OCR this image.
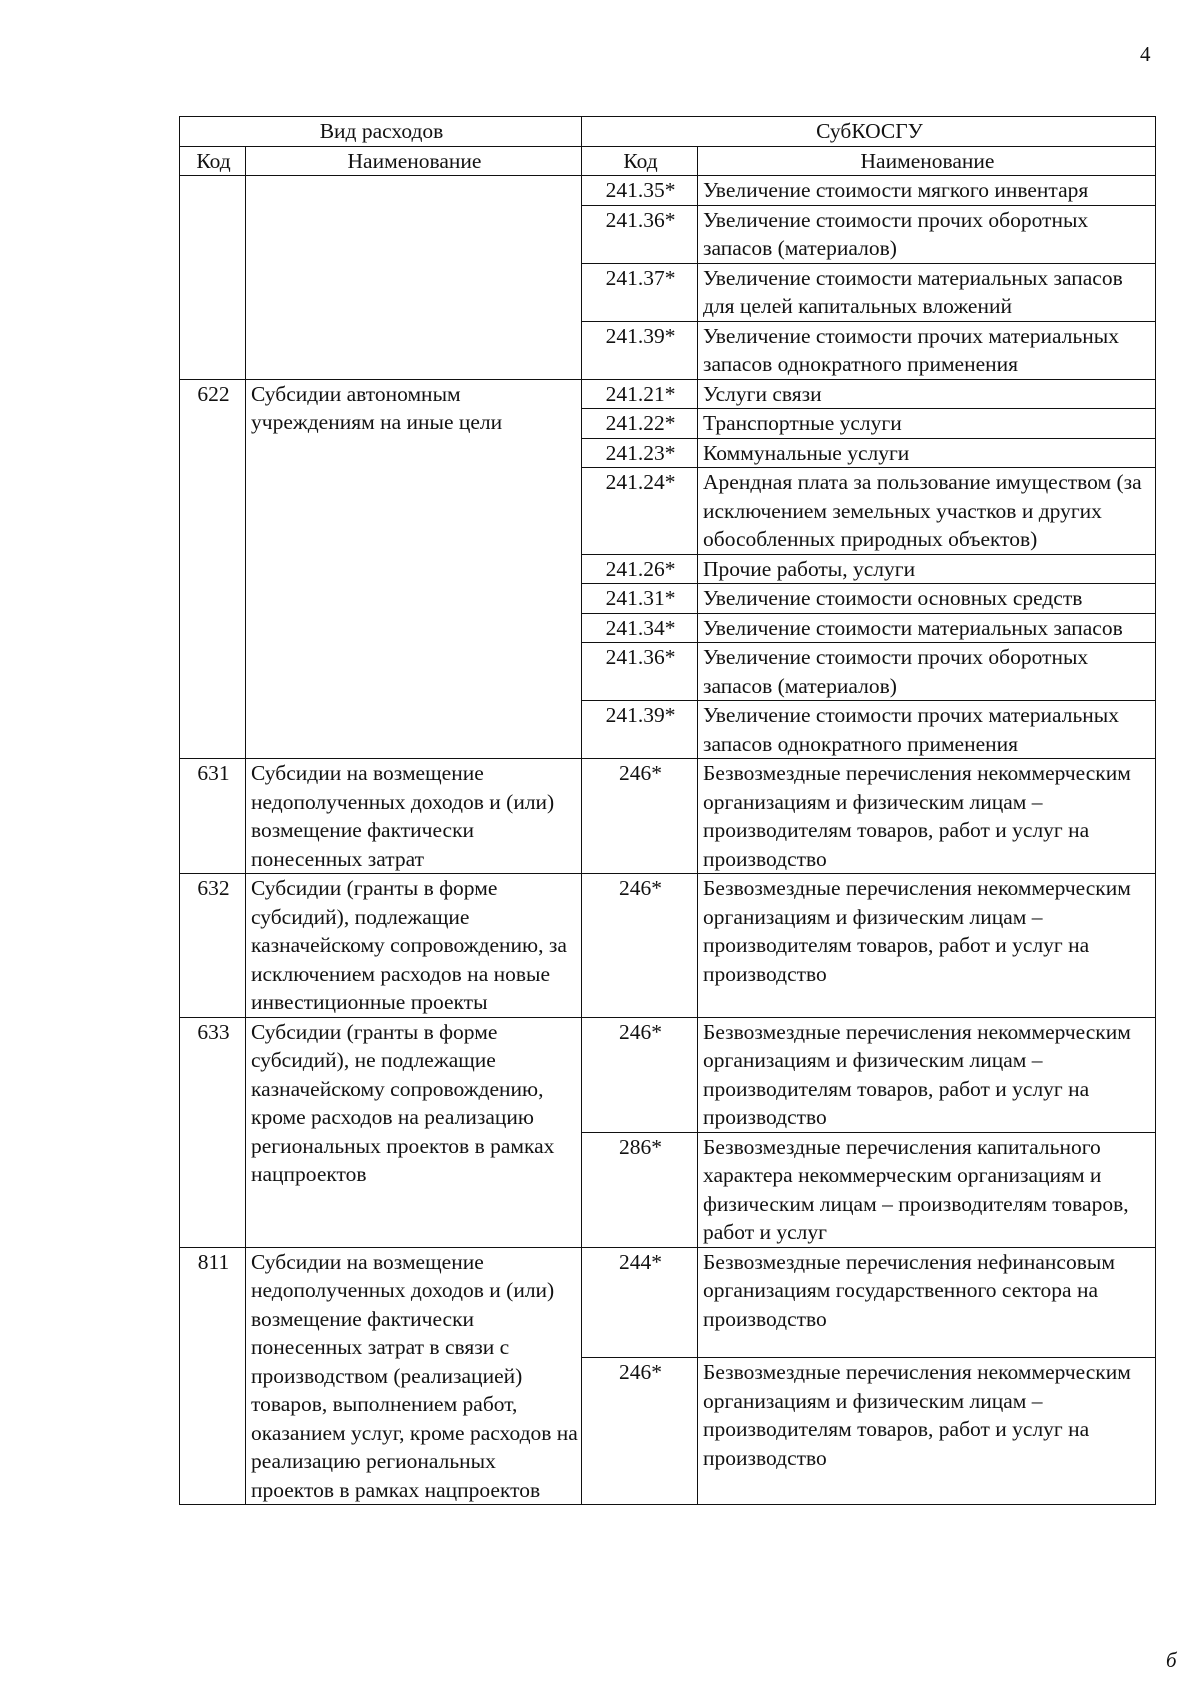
4
Вид расходов		СубКОСГУ	
Код	Наименование	Код	Наименование
		241.35*	Увеличение стоимости мягкого инвентаря
		241.36*	Увеличение стоимости прочих оборотных запасов (материалов)
		241.37*	Увеличение стоимости материальных запасов для целей капитальных вложений
		241.39*	Увеличение стоимости прочих материальных запасов однократного применения
622	Субсидии автономным учреждениям на иные цели	241.21*	Услуги связи
		241.22*	Транспортные услуги
		241.23*	Коммунальные услуги
		241.24*	Арендная плата за пользование имуществом (за исключением земельных участков и других обособленных природных объектов)
		241.26*	Прочие работы, услуги
		241.31*	Увеличение стоимости основных средств
		241.34*	Увеличение стоимости материальных запасов
		241.36*	Увеличение стоимости прочих оборотных запасов (материалов)
		241.39*	Увеличение стоимости прочих материальных запасов однократного применения
631	Субсидии на возмещение недополученных доходов и (или) возмещение фактически понесенных затрат	246*	Безвозмездные перечисления некоммерческим организациям и физическим лицам – производителям товаров, работ и услуг на производство
632	Субсидии (гранты в форме субсидий), подлежащие казначейскому сопровождению, за исключением расходов на новые инвестиционные проекты	246*	Безвозмездные перечисления некоммерческим организациям и физическим лицам – производителям товаров, работ и услуг на производство
633	Субсидии (гранты в форме субсидий), не подлежащие казначейскому сопровождению, кроме расходов на реализацию региональных проектов в рамках нацпроектов	246*	Безвозмездные перечисления некоммерческим организациям и физическим лицам – производителям товаров, работ и услуг на производство
		286*	Безвозмездные перечисления капитального характера некоммерческим организациям и физическим лицам – производителям товаров, работ и услуг
811	Субсидии на возмещение недополученных доходов и (или) возмещение фактически понесенных затрат в связи с производством (реализацией) товаров, выполнением работ, оказанием услуг, кроме расходов на реализацию региональных проектов в рамках нацпроектов	244*	Безвозмездные перечисления нефинансовым организациям государственного сектора на производство
		246*	Безвозмездные перечисления некоммерческим организациям и физическим лицам – производителям товаров, работ и услуг на производство
б
